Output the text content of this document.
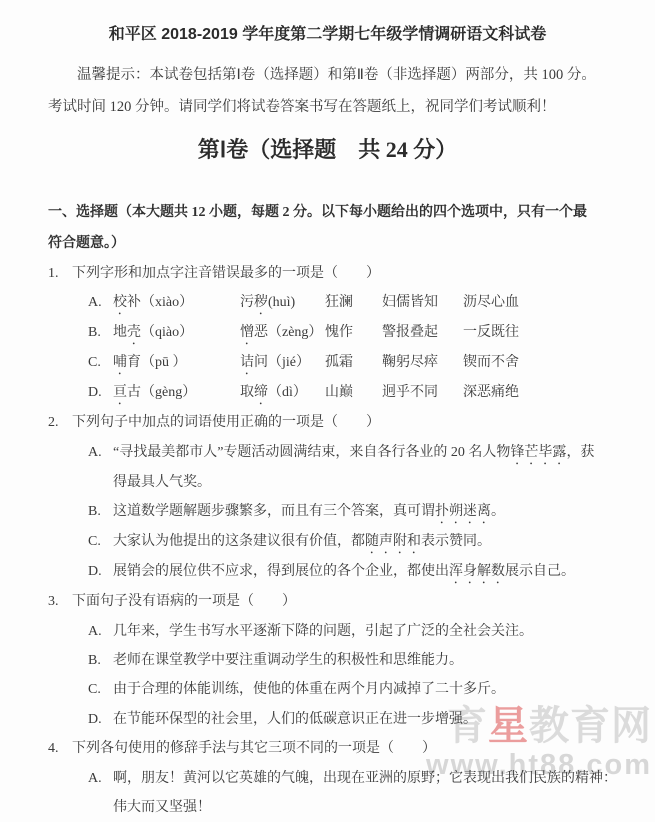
育星教育网
www.ht88.com
和平区 2018-2019 学年度第二学期七年级学情调研语文科试卷
温馨提示：本试卷包括第Ⅰ卷（选择题）和第Ⅱ卷（非选择题）两部分，共 100 分。
考试时间 120 分钟。请同学们将试卷答案书写在答题纸上，祝同学们考试顺利！
第Ⅰ卷（选择题　共 24 分）
一、选择题（本大题共 12 小题，每题 2 分。以下每小题给出的四个选项中，只有一个最
符合题意。）
1. 下列字形和加点字注音错误最多的一项是（　　）
A. 校补（xiào）	污秽(huì)	狂澜	妇儒皆知	沥尽心血
B. 地壳（qiào）	憎恶（zèng） 愧作	警报叠起	一反既往
C. 哺育（pū ）	诘问（jié）	孤霜	鞠躬尽瘁	锲而不舍
D. 亘古（gèng）	取缔（dì）	山巅	迥乎不同	深恶痛绝
2. 下列句子中加点的词语使用正确的一项是（　　）
A. “寻找最美都市人”专题活动圆满结束，来自各行各业的 20 名人物锋芒毕露，获
得最具人气奖。
B. 这道数学题解题步骤繁多，而且有三个答案，真可谓扑朔迷离。
C. 大家认为他提出的这条建议很有价值，都随声附和表示赞同。
D. 展销会的展位供不应求，得到展位的各个企业，都使出浑身解数展示自己。
3. 下面句子没有语病的一项是（　　）
A. 几年来，学生书写水平逐渐下降的问题，引起了广泛的全社会关注。
B. 老师在课堂教学中要注重调动学生的积极性和思维能力。
C. 由于合理的体能训练，使他的体重在两个月内减掉了二十多斤。
D. 在节能环保型的社会里，人们的低碳意识正在进一步增强。
4. 下列各句使用的修辞手法与其它三项不同的一项是（　　）
A. 啊，朋友！黄河以它英雄的气魄，出现在亚洲的原野；它表现出我们民族的精神：
伟大而又坚强！
